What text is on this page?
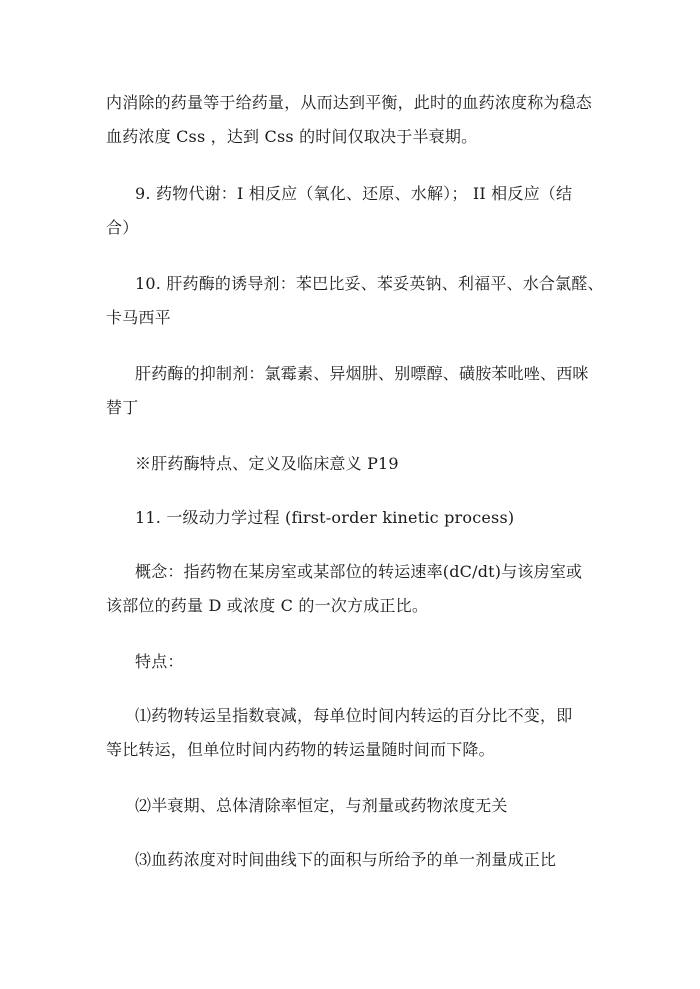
内消除的药量等于给药量，从而达到平衡，此时的血药浓度称为稳态
血药浓度 Css ，达到 Css 的时间仅取决于半衰期。
9. 药物代谢：I 相反应（氧化、还原、水解）； II 相反应（结
合）
10. 肝药酶的诱导剂：苯巴比妥、苯妥英钠、利福平、水合氯醛、
卡马西平
肝药酶的抑制剂：氯霉素、异烟肼、别嘌醇、磺胺苯吡唑、西咪
替丁
※肝药酶特点、定义及临床意义 P19
11. 一级动力学过程 (first-order kinetic process)
概念：指药物在某房室或某部位的转运速率(dC/dt)与该房室或
该部位的药量 D 或浓度 C 的一次方成正比。
特点：
⑴药物转运呈指数衰减，每单位时间内转运的百分比不变，即
等比转运，但单位时间内药物的转运量随时间而下降。
⑵半衰期、总体清除率恒定，与剂量或药物浓度无关
⑶血药浓度对时间曲线下的面积与所给予的单一剂量成正比
